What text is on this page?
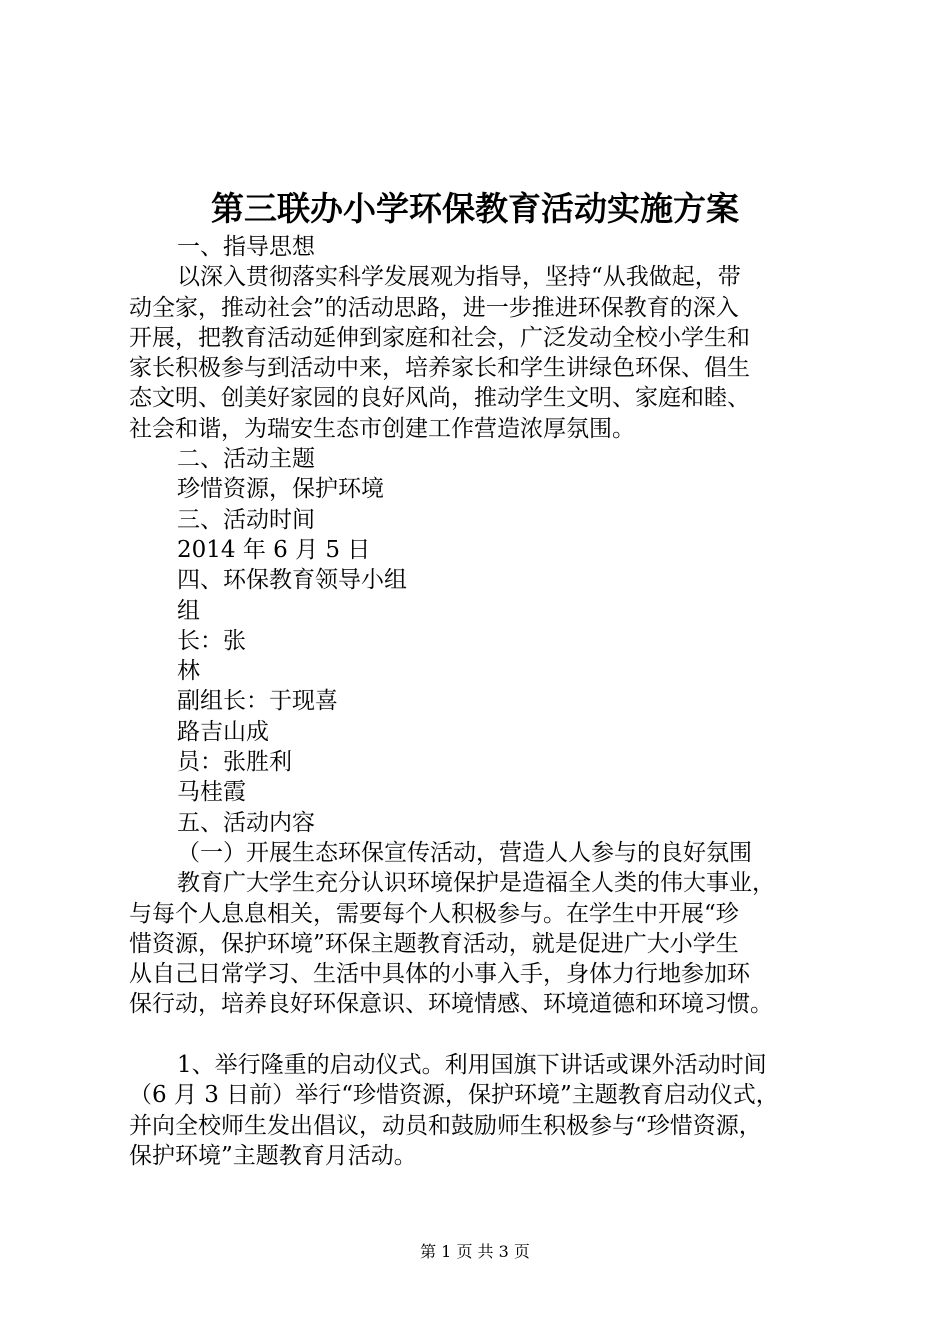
第三联办小学环保教育活动实施方案
一、指导思想
以深入贯彻落实科学发展观为指导，坚持“从我做起，带
动全家，推动社会”的活动思路，进一步推进环保教育的深入
开展，把教育活动延伸到家庭和社会，广泛发动全校小学生和
家长积极参与到活动中来，培养家长和学生讲绿色环保、倡生
态文明、创美好家园的良好风尚，推动学生文明、家庭和睦、
社会和谐，为瑞安生态市创建工作营造浓厚氛围。
二、活动主题
珍惜资源，保护环境
三、活动时间
2014 年 6 月 5 日
四、环保教育领导小组
组
长：张
林
副组长：于现喜
路吉山成
员：张胜利
马桂霞
五、活动内容
（一）开展生态环保宣传活动，营造人人参与的良好氛围
教育广大学生充分认识环境保护是造福全人类的伟大事业，
与每个人息息相关，需要每个人积极参与。在学生中开展“珍
惜资源，保护环境”环保主题教育活动，就是促进广大小学生
从自己日常学习、生活中具体的小事入手，身体力行地参加环
保行动，培养良好环保意识、环境情感、环境道德和环境习惯。
1、举行隆重的启动仪式。利用国旗下讲话或课外活动时间
（6 月 3 日前）举行“珍惜资源，保护环境”主题教育启动仪式，
并向全校师生发出倡议，动员和鼓励师生积极参与“珍惜资源，
保护环境”主题教育月活动。
第 1 页 共 3 页
